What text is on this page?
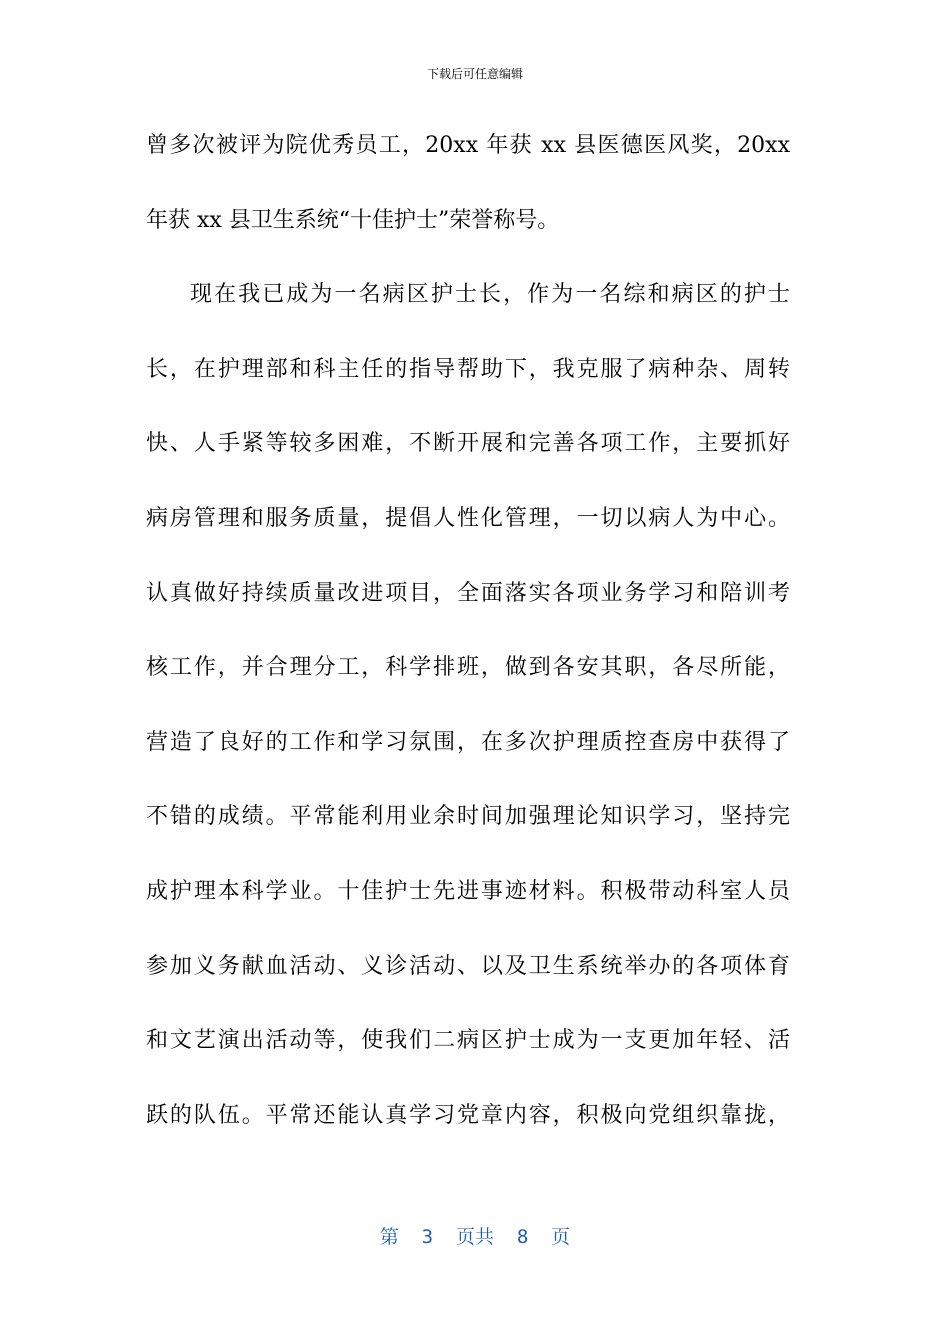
下载后可任意编辑
曾多次被评为院优秀员工，20xx 年获 xx 县医德医风奖，20xx
年获 xx 县卫生系统“十佳护士”荣誉称号。
现在我已成为一名病区护士长，作为一名综和病区的护士
长，在护理部和科主任的指导帮助下，我克服了病种杂、周转
快、人手紧等较多困难，不断开展和完善各项工作，主要抓好
病房管理和服务质量，提倡人性化管理，一切以病人为中心。
认真做好持续质量改进项目，全面落实各项业务学习和陪训考
核工作，并合理分工，科学排班，做到各安其职，各尽所能，
营造了良好的工作和学习氛围，在多次护理质控查房中获得了
不错的成绩。平常能利用业余时间加强理论知识学习，坚持完
成护理本科学业。十佳护士先进事迹材料。积极带动科室人员
参加义务献血活动、义诊活动、以及卫生系统举办的各项体育
和文艺演出活动等，使我们二病区护士成为一支更加年轻、活
跃的队伍。平常还能认真学习党章内容，积极向党组织靠拢，
第  3  页共  8  页
